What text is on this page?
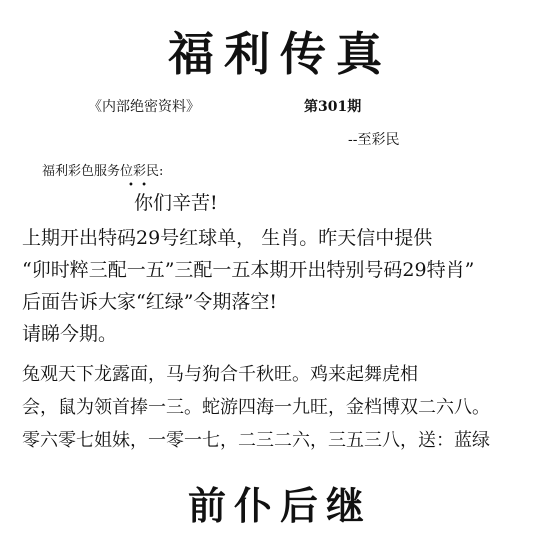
福利传真
《内部绝密资料》	第301期
--至彩民
福利彩色服务位彩民:
• •
你们辛苦!
上期开出特码29号红球单， 生肖。昨天信中提供
“卯时粹三配一五”三配一五本期开出特别号码29特肖”
后面告诉大家“红绿”令期落空!
请睇今期。
兔观天下龙露面，马与狗合千秋旺。鸡来起舞虎相
会，鼠为领首捧一三。蛇游四海一九旺，金档博双二六八。
零六零七姐妹，一零一七，二三二六，三五三八，送：蓝绿
前仆后继
